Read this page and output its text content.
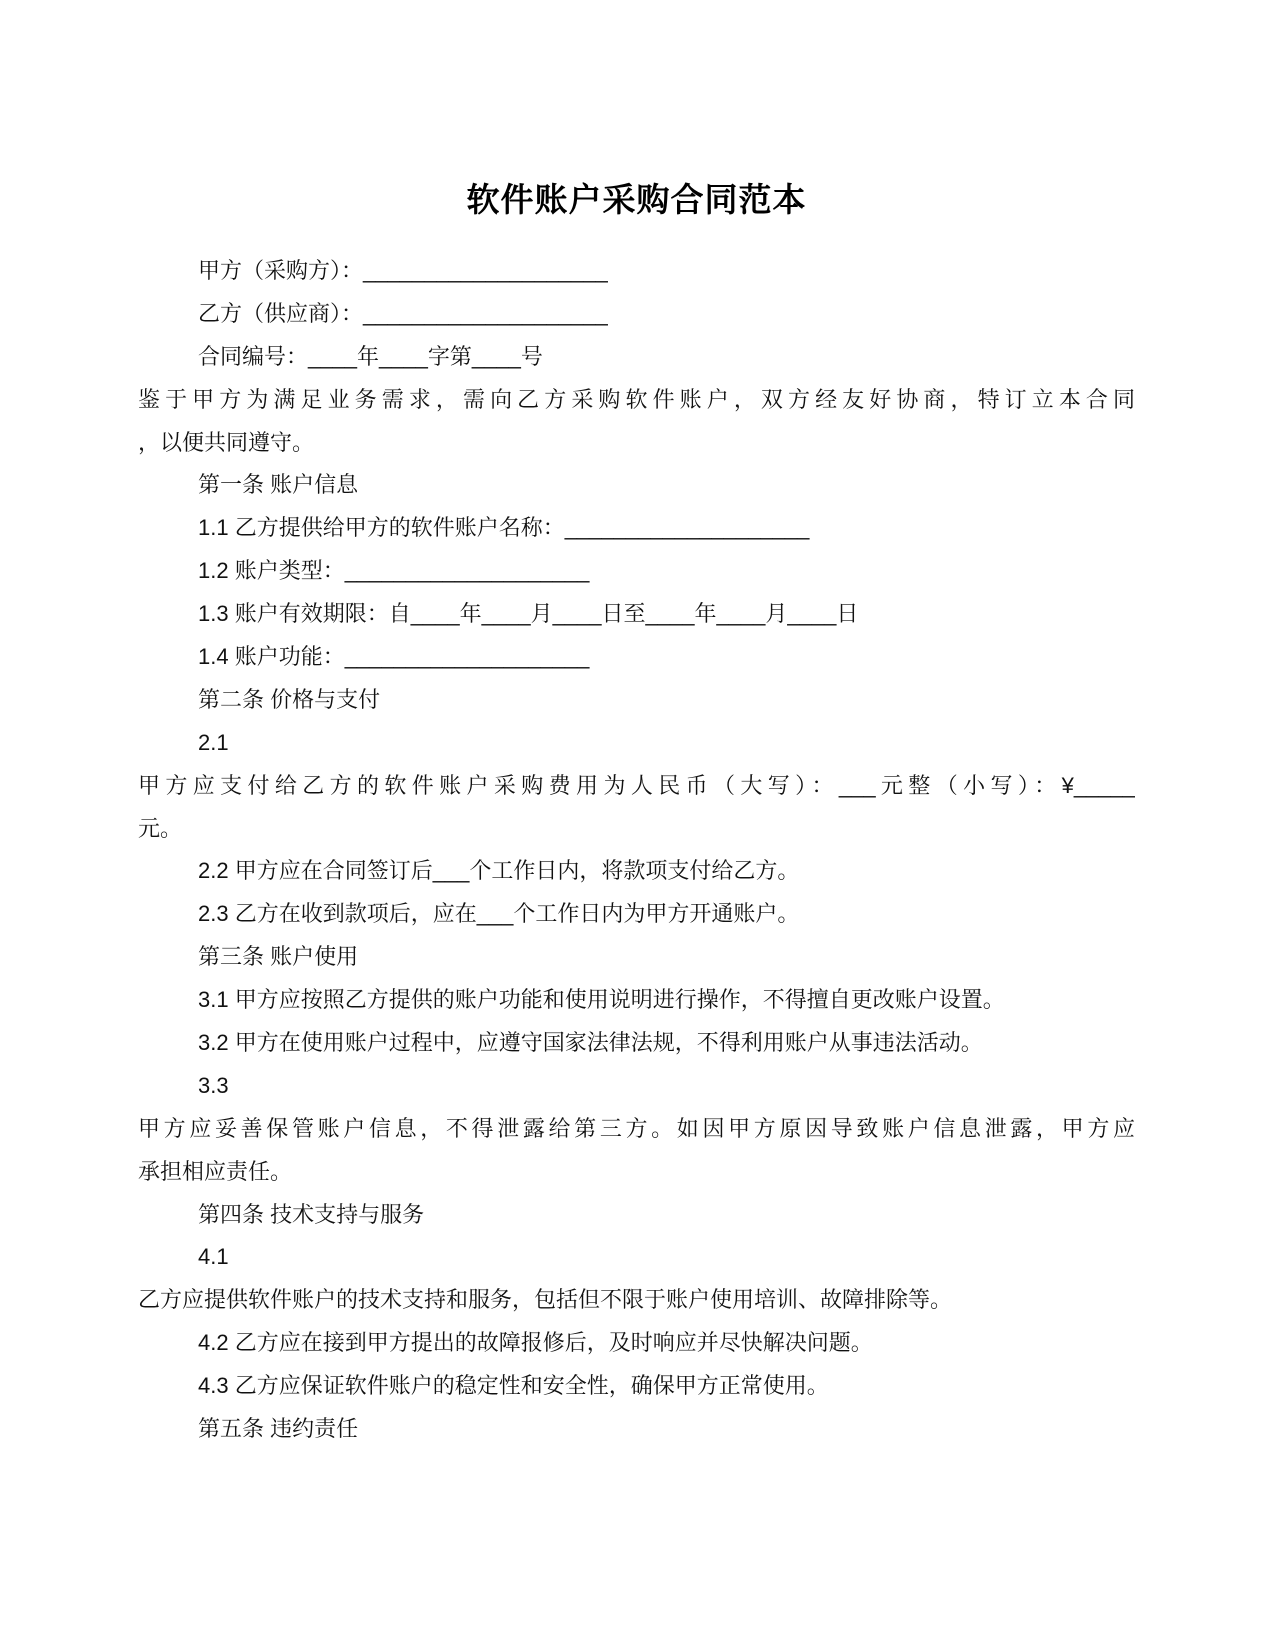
软件账户采购合同范本
甲方（采购方）：____________________
乙方（供应商）：____________________
合同编号：____年____字第____号
鉴于甲方为满足业务需求，需向乙方采购软件账户，双方经友好协商，特订立本合同
，以便共同遵守。
第一条 账户信息
1.1 乙方提供给甲方的软件账户名称：____________________
1.2 账户类型：____________________
1.3 账户有效期限：自____年____月____日至____年____月____日
1.4 账户功能：____________________
第二条 价格与支付
2.1
甲方应支付给乙方的软件账户采购费用为人民币（大写）：___元整（小写）：¥_____
元。
2.2 甲方应在合同签订后___个工作日内，将款项支付给乙方。
2.3 乙方在收到款项后，应在___个工作日内为甲方开通账户。
第三条 账户使用
3.1 甲方应按照乙方提供的账户功能和使用说明进行操作，不得擅自更改账户设置。
3.2 甲方在使用账户过程中，应遵守国家法律法规，不得利用账户从事违法活动。
3.3
甲方应妥善保管账户信息，不得泄露给第三方。如因甲方原因导致账户信息泄露，甲方应
承担相应责任。
第四条 技术支持与服务
4.1
乙方应提供软件账户的技术支持和服务，包括但不限于账户使用培训、故障排除等。
4.2 乙方应在接到甲方提出的故障报修后，及时响应并尽快解决问题。
4.3 乙方应保证软件账户的稳定性和安全性，确保甲方正常使用。
第五条 违约责任
